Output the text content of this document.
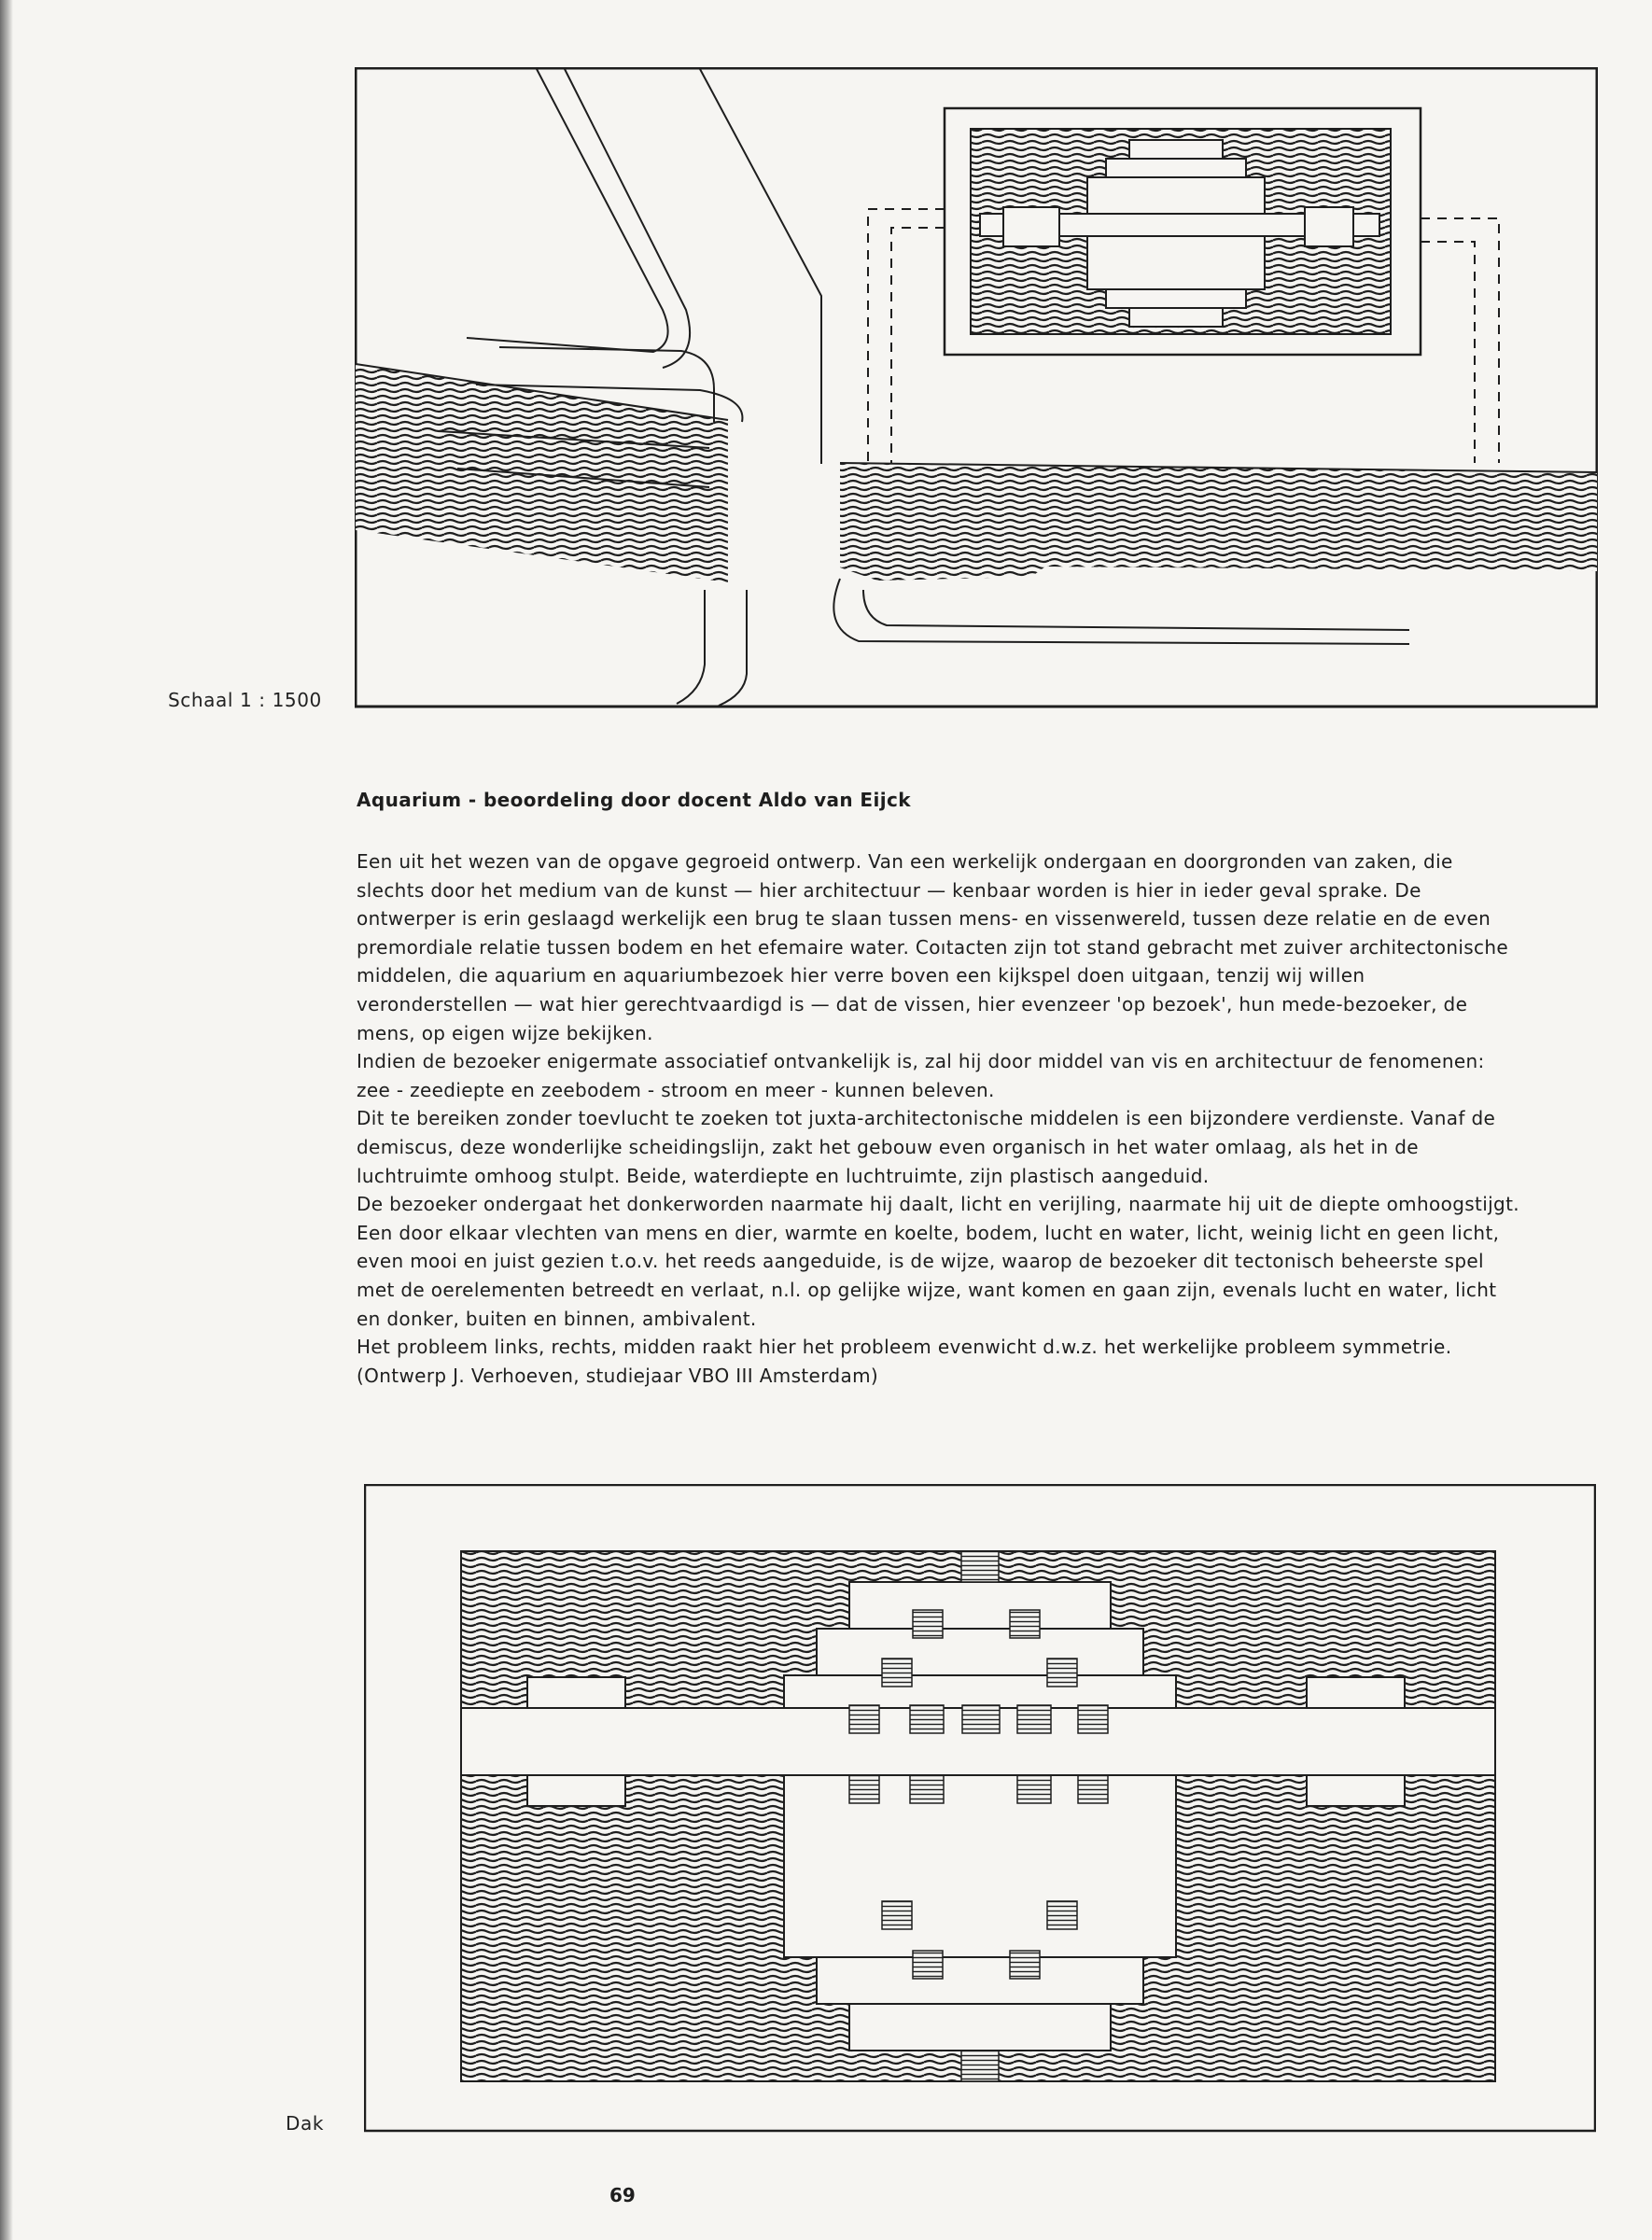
Schaal 1 : 1500
Aquarium - beoordeling door docent Aldo van Eijck

Een uit het wezen van de opgave gegroeid ontwerp. Van een werkelijk ondergaan en doorgronden van zaken, die

slechts door het medium van de kunst — hier architectuur — kenbaar worden is hier in ieder geval sprake. De

ontwerper is erin geslaagd werkelijk een brug te slaan tussen mens- en vissenwereld, tussen deze relatie en de even

premordiale relatie tussen bodem en het efemaire water. Coıtacten zijn tot stand gebracht met zuiver architectonische

middelen, die aquarium en aquariumbezoek hier verre boven een kijkspel doen uitgaan, tenzij wij willen

veronderstellen — wat hier gerechtvaardigd is — dat de vissen, hier evenzeer 'op bezoek', hun mede-bezoeker, de

mens, op eigen wijze bekijken.

Indien de bezoeker enigermate associatief ontvankelijk is, zal hij door middel van vis en architectuur de fenomenen:

zee - zeediepte en zeebodem - stroom en meer - kunnen beleven.

Dit te bereiken zonder toevlucht te zoeken tot juxta-architectonische middelen is een bijzondere verdienste. Vanaf de

demiscus, deze wonderlijke scheidingslijn, zakt het gebouw even organisch in het water omlaag, als het in de

luchtruimte omhoog stulpt. Beide, waterdiepte en luchtruimte, zijn plastisch aangeduid.

De bezoeker ondergaat het donkerworden naarmate hij daalt, licht en verijling, naarmate hij uit de diepte omhoogstijgt.

Een door elkaar vlechten van mens en dier, warmte en koelte, bodem, lucht en water, licht, weinig licht en geen licht,

even mooi en juist gezien t.o.v. het reeds aangeduide, is de wijze, waarop de bezoeker dit tectonisch beheerste spel

met de oerelementen betreedt en verlaat, n.l. op gelijke wijze, want komen en gaan zijn, evenals lucht en water, licht

en donker, buiten en binnen, ambivalent.

Het probleem links, rechts, midden raakt hier het probleem evenwicht d.w.z. het werkelijke probleem symmetrie.

(Ontwerp J. Verhoeven, studiejaar VBO III Amsterdam)

Dak
69
